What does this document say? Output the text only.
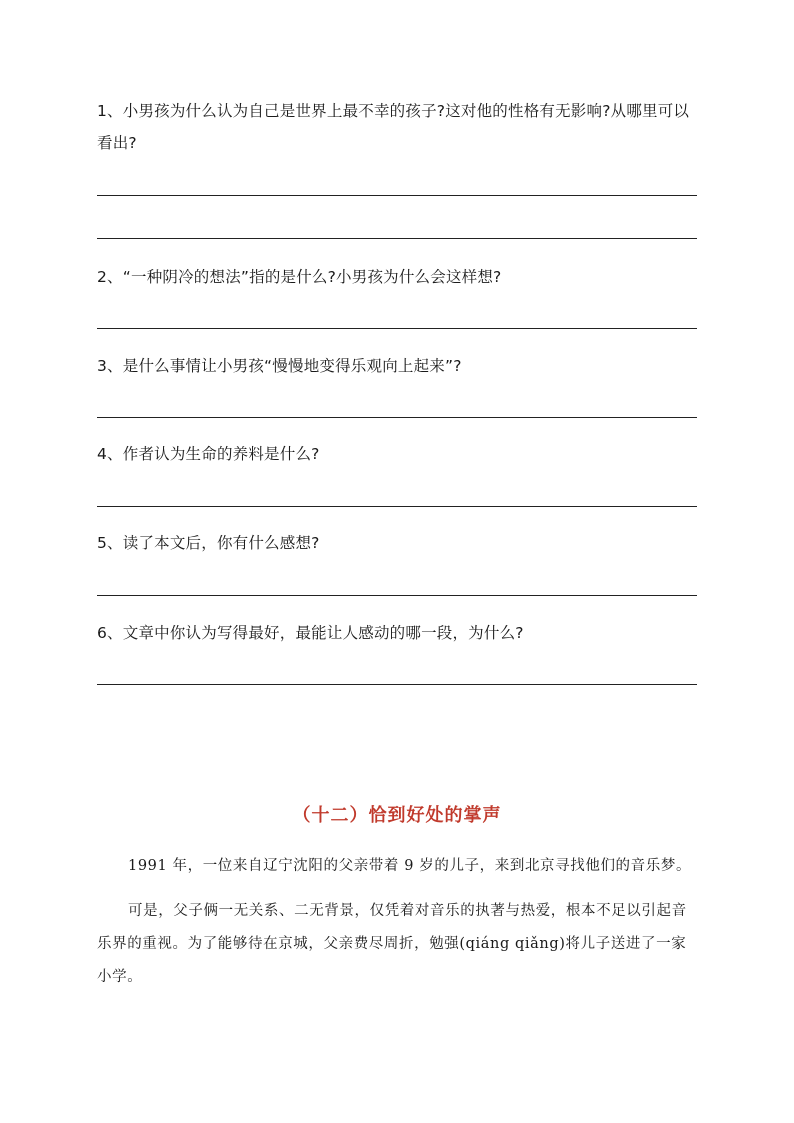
1、小男孩为什么认为自己是世界上最不幸的孩子?这对他的性格有无影响?从哪里可以看出?
2、“一种阴冷的想法”指的是什么?小男孩为什么会这样想?
3、是什么事情让小男孩“慢慢地变得乐观向上起来”?
4、作者认为生命的养料是什么?
5、读了本文后，你有什么感想?
6、文章中你认为写得最好，最能让人感动的哪一段，为什么?
（十二）恰到好处的掌声
1991 年，一位来自辽宁沈阳的父亲带着 9 岁的儿子，来到北京寻找他们的音乐梦。
可是，父子俩一无关系、二无背景，仅凭着对音乐的执著与热爱，根本不足以引起音乐界的重视。为了能够待在京城，父亲费尽周折，勉强(qiáng qiǎng)将儿子送进了一家小学。
